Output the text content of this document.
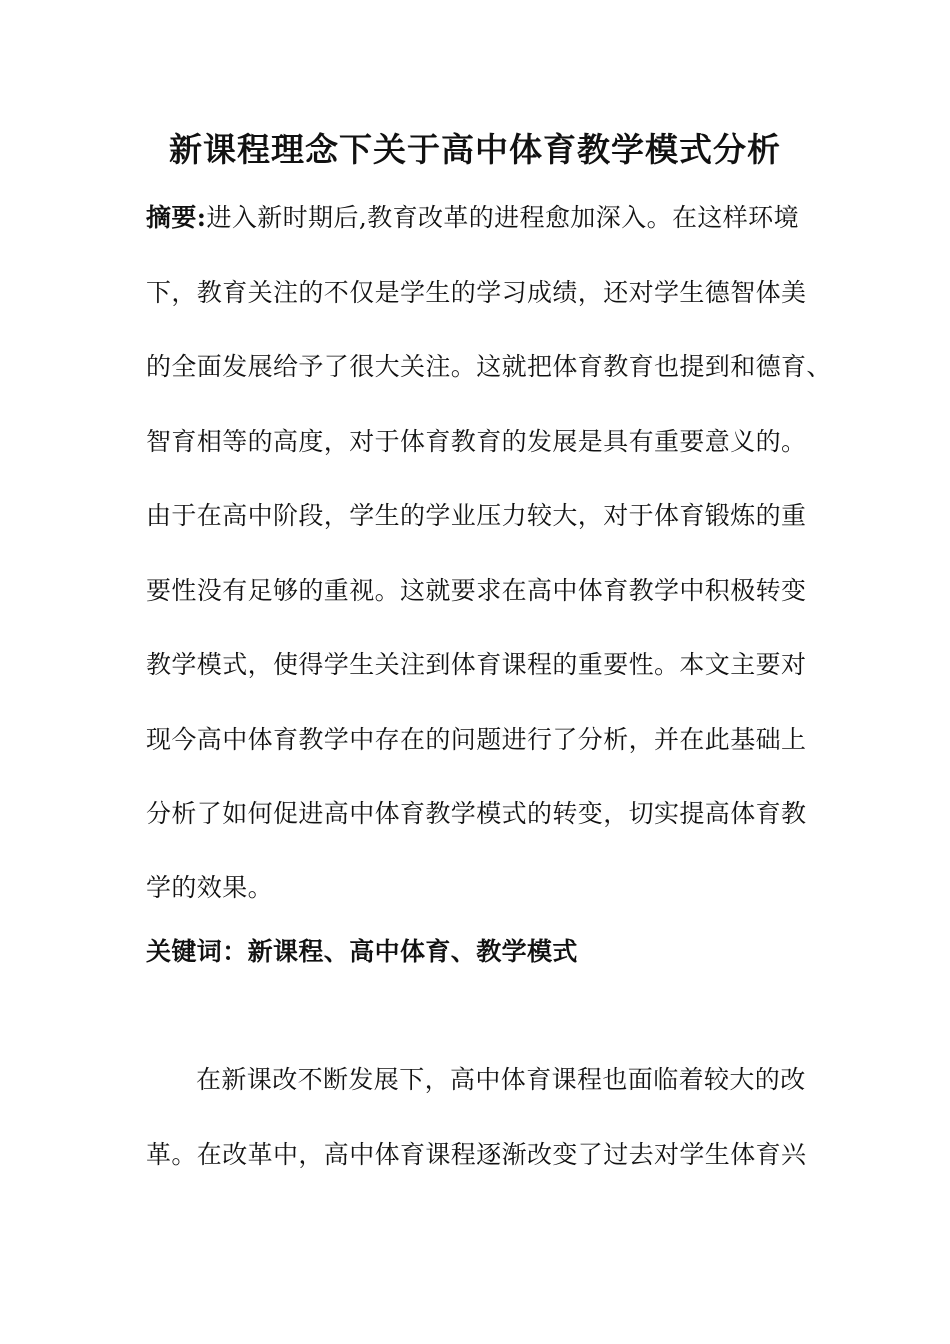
新课程理念下关于高中体育教学模式分析
摘要:进入新时期后,教育改革的进程愈加深入。在这样环境
下，教育关注的不仅是学生的学习成绩，还对学生德智体美
的全面发展给予了很大关注。这就把体育教育也提到和德育、
智育相等的高度，对于体育教育的发展是具有重要意义的。
由于在高中阶段，学生的学业压力较大，对于体育锻炼的重
要性没有足够的重视。这就要求在高中体育教学中积极转变
教学模式，使得学生关注到体育课程的重要性。本文主要对
现今高中体育教学中存在的问题进行了分析，并在此基础上
分析了如何促进高中体育教学模式的转变，切实提高体育教
学的效果。
关键词：新课程、高中体育、教学模式
在新课改不断发展下，高中体育课程也面临着较大的改
革。在改革中，高中体育课程逐渐改变了过去对学生体育兴
